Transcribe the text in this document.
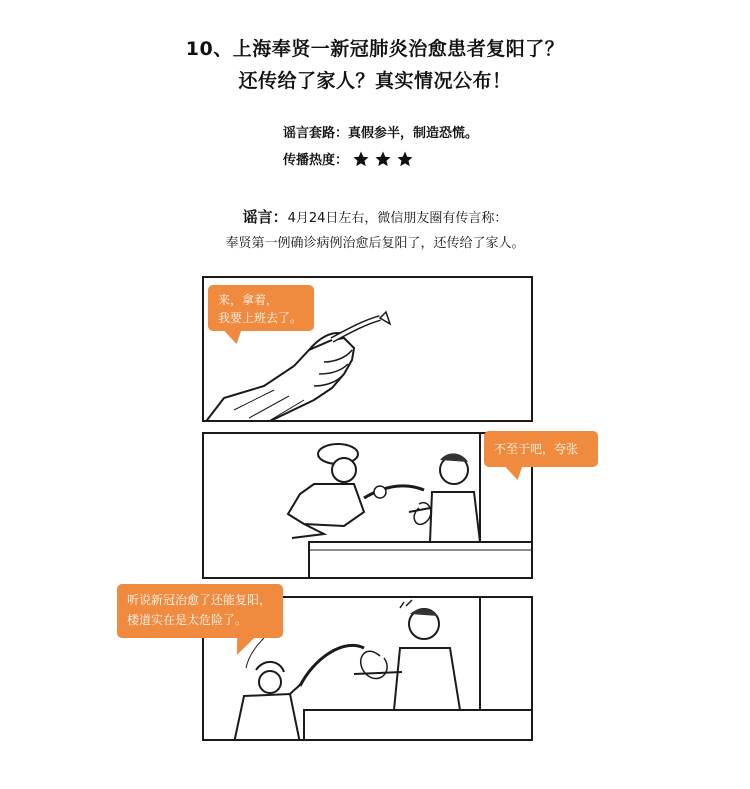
10、上海奉贤一新冠肺炎治愈患者复阳了？
还传给了家人？真实情况公布！
谣言套路：真假参半，制造恐慌。
传播热度：
谣言：4月24日左右，微信朋友圈有传言称：
奉贤第一例确诊病例治愈后复阳了，还传给了家人。
来，拿着，
我要上班去了。
不至于吧，夸张了。
听说新冠治愈了还能复阳，
楼道实在是太危险了。
